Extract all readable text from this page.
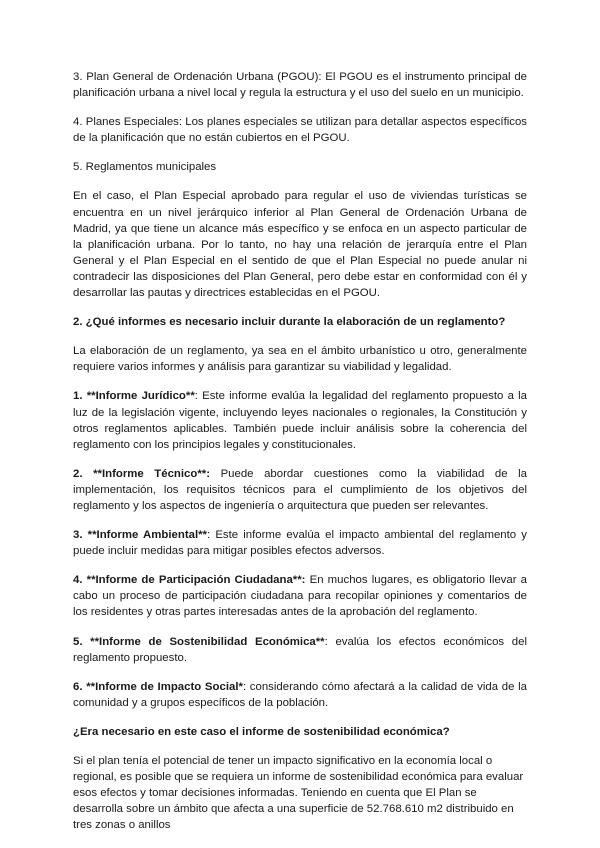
3. Plan General de Ordenación Urbana (PGOU): El PGOU es el instrumento principal de planificación urbana a nivel local y regula la estructura y el uso del suelo en un municipio.

4. Planes Especiales: Los planes especiales se utilizan para detallar aspectos específicos de la planificación que no están cubiertos en el PGOU.

5. Reglamentos municipales

En el caso, el Plan Especial aprobado para regular el uso de viviendas turísticas se encuentra en un nivel jerárquico inferior al Plan General de Ordenación Urbana de Madrid, ya que tiene un alcance más específico y se enfoca en un aspecto particular de la planificación urbana. Por lo tanto, no hay una relación de jerarquía entre el Plan General y el Plan Especial en el sentido de que el Plan Especial no puede anular ni contradecir las disposiciones del Plan General, pero debe estar en conformidad con él y desarrollar las pautas y directrices establecidas en el PGOU.

2. ¿Qué informes es necesario incluir durante la elaboración de un reglamento?

La elaboración de un reglamento, ya sea en el ámbito urbanístico u otro, generalmente requiere varios informes y análisis para garantizar su viabilidad y legalidad.

1. **Informe Jurídico**: Este informe evalúa la legalidad del reglamento propuesto a la luz de la legislación vigente, incluyendo leyes nacionales o regionales, la Constitución y otros reglamentos aplicables. También puede incluir análisis sobre la coherencia del reglamento con los principios legales y constitucionales.

2. **Informe Técnico**: Puede abordar cuestiones como la viabilidad de la implementación, los requisitos técnicos para el cumplimiento de los objetivos del reglamento y los aspectos de ingeniería o arquitectura que pueden ser relevantes.

3. **Informe Ambiental**: Este informe evalúa el impacto ambiental del reglamento y puede incluir medidas para mitigar posibles efectos adversos.

4. **Informe de Participación Ciudadana**: En muchos lugares, es obligatorio llevar a cabo un proceso de participación ciudadana para recopilar opiniones y comentarios de los residentes y otras partes interesadas antes de la aprobación del reglamento.

5. **Informe de Sostenibilidad Económica**: evalúa los efectos económicos del reglamento propuesto.

6. **Informe de Impacto Social*: considerando cómo afectará a la calidad de vida de la comunidad y a grupos específicos de la población.

¿Era necesario en este caso el informe de sostenibilidad económica?

Si el plan tenía el potencial de tener un impacto significativo en la economía local o regional, es posible que se requiera un informe de sostenibilidad económica para evaluar esos efectos y tomar decisiones informadas. Teniendo en cuenta que El Plan se desarrolla sobre un ámbito que afecta a una superficie de 52.768.610 m2 distribuido en tres zonas o anillos
